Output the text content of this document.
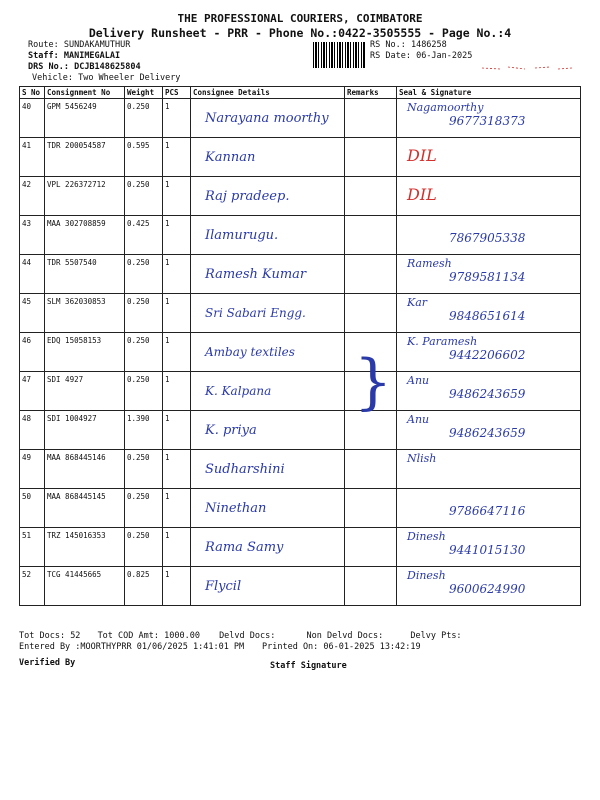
THE PROFESSIONAL COURIERS, COIMBATORE
Delivery Runsheet - PRR - Phone No.:0422-3505555 - Page No.:4
Route: SUNDAKAMUTHUR
Staff: MANIMEGALAI
DRS No.: DCJB148625804
Vehicle: Two Wheeler Delivery
RS No.: 1486258
RS Date: 06-Jan-2025
S No	Consignment No	Weight	PCS	Consignee Details	Remarks	Seal & Signature
40	GPM 5456249	0.250	1	Narayana moorthy		Nagamoorthy
9677318373

41	TDR 200054587	0.595	1	Kannan		DIL

42	VPL 226372712	0.250	1	Raj pradeep.		DIL

43	MAA 302708859	0.425	1	Ilamurugu.		7867905338

44	TDR 5507540	0.250	1	Ramesh Kumar		Ramesh
9789581134

45	SLM 362030853	0.250	1	Sri Sabari Engg.		Kar
9848651614

46	EDQ 15058153	0.250	1	Ambay textiles		K. Paramesh
9442206602

47	SDI 4927	0.250	1	K. Kalpana		Anu
9486243659

48	SDI 1004927	1.390	1	K. priya		Anu
9486243659

49	MAA 868445146	0.250	1	Sudharshini		Nlish

50	MAA 868445145	0.250	1	Ninethan		9786647116

51	TRZ 145016353	0.250	1	Rama Samy		Dinesh
9441015130

52	TCG 41445665	0.825	1	Flycil		Dinesh
9600624990
}
Tot Docs: 52 Tot COD Amt: 1000.00 Delvd Docs:	Non Delvd Docs:	Delvy Pts:
Entered By :MOORTHYPRR 01/06/2025 1:41:01 PM Printed On: 06-01-2025 13:42:19
Verified By	Staff Signature
